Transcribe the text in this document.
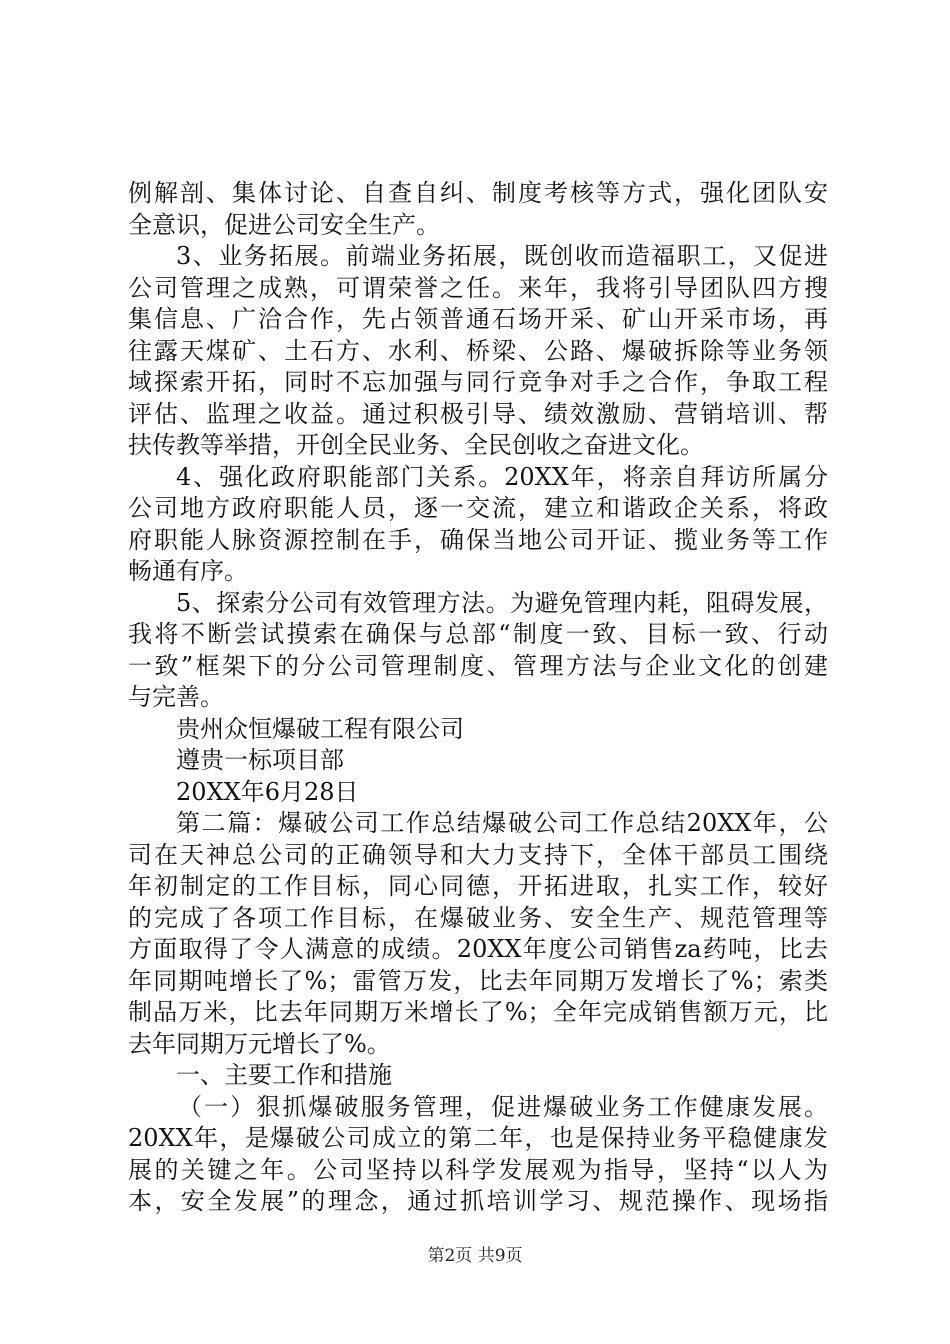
例解剖、集体讨论、自查自纠、制度考核等方式，强化团队安
全意识，促进公司安全生产。
3、业务拓展。前端业务拓展，既创收而造福职工，又促进
公司管理之成熟，可谓荣誉之任。来年，我将引导团队四方搜
集信息、广洽合作，先占领普通石场开采、矿山开采市场，再
往露天煤矿、土石方、水利、桥梁、公路、爆破拆除等业务领
域探索开拓，同时不忘加强与同行竞争对手之合作，争取工程
评估、监理之收益。通过积极引导、绩效激励、营销培训、帮
扶传教等举措，开创全民业务、全民创收之奋进文化。
4、强化政府职能部门关系。20XX年，将亲自拜访所属分
公司地方政府职能人员，逐一交流，建立和谐政企关系，将政
府职能人脉资源控制在手，确保当地公司开证、揽业务等工作
畅通有序。
5、探索分公司有效管理方法。为避免管理内耗，阻碍发展，
我将不断尝试摸索在确保与总部“制度一致、目标一致、行动
一致”框架下的分公司管理制度、管理方法与企业文化的创建
与完善。
贵州众恒爆破工程有限公司
遵贵一标项目部
20XX年6月28日
第二篇：爆破公司工作总结爆破公司工作总结20XX年，公
司在天神总公司的正确领导和大力支持下，全体干部员工围绕
年初制定的工作目标，同心同德，开拓进取，扎实工作，较好
的完成了各项工作目标，在爆破业务、安全生产、规范管理等
方面取得了令人满意的成绩。20XX年度公司销售za药吨，比去
年同期吨增长了%；雷管万发，比去年同期万发增长了%；索类
制品万米，比去年同期万米增长了%；全年完成销售额万元，比
去年同期万元增长了%。
一、主要工作和措施
（一）狠抓爆破服务管理，促进爆破业务工作健康发展。
20XX年，是爆破公司成立的第二年，也是保持业务平稳健康发
展的关键之年。公司坚持以科学发展观为指导，坚持“以人为
本，安全发展”的理念，通过抓培训学习、规范操作、现场指
第2页 共9页
